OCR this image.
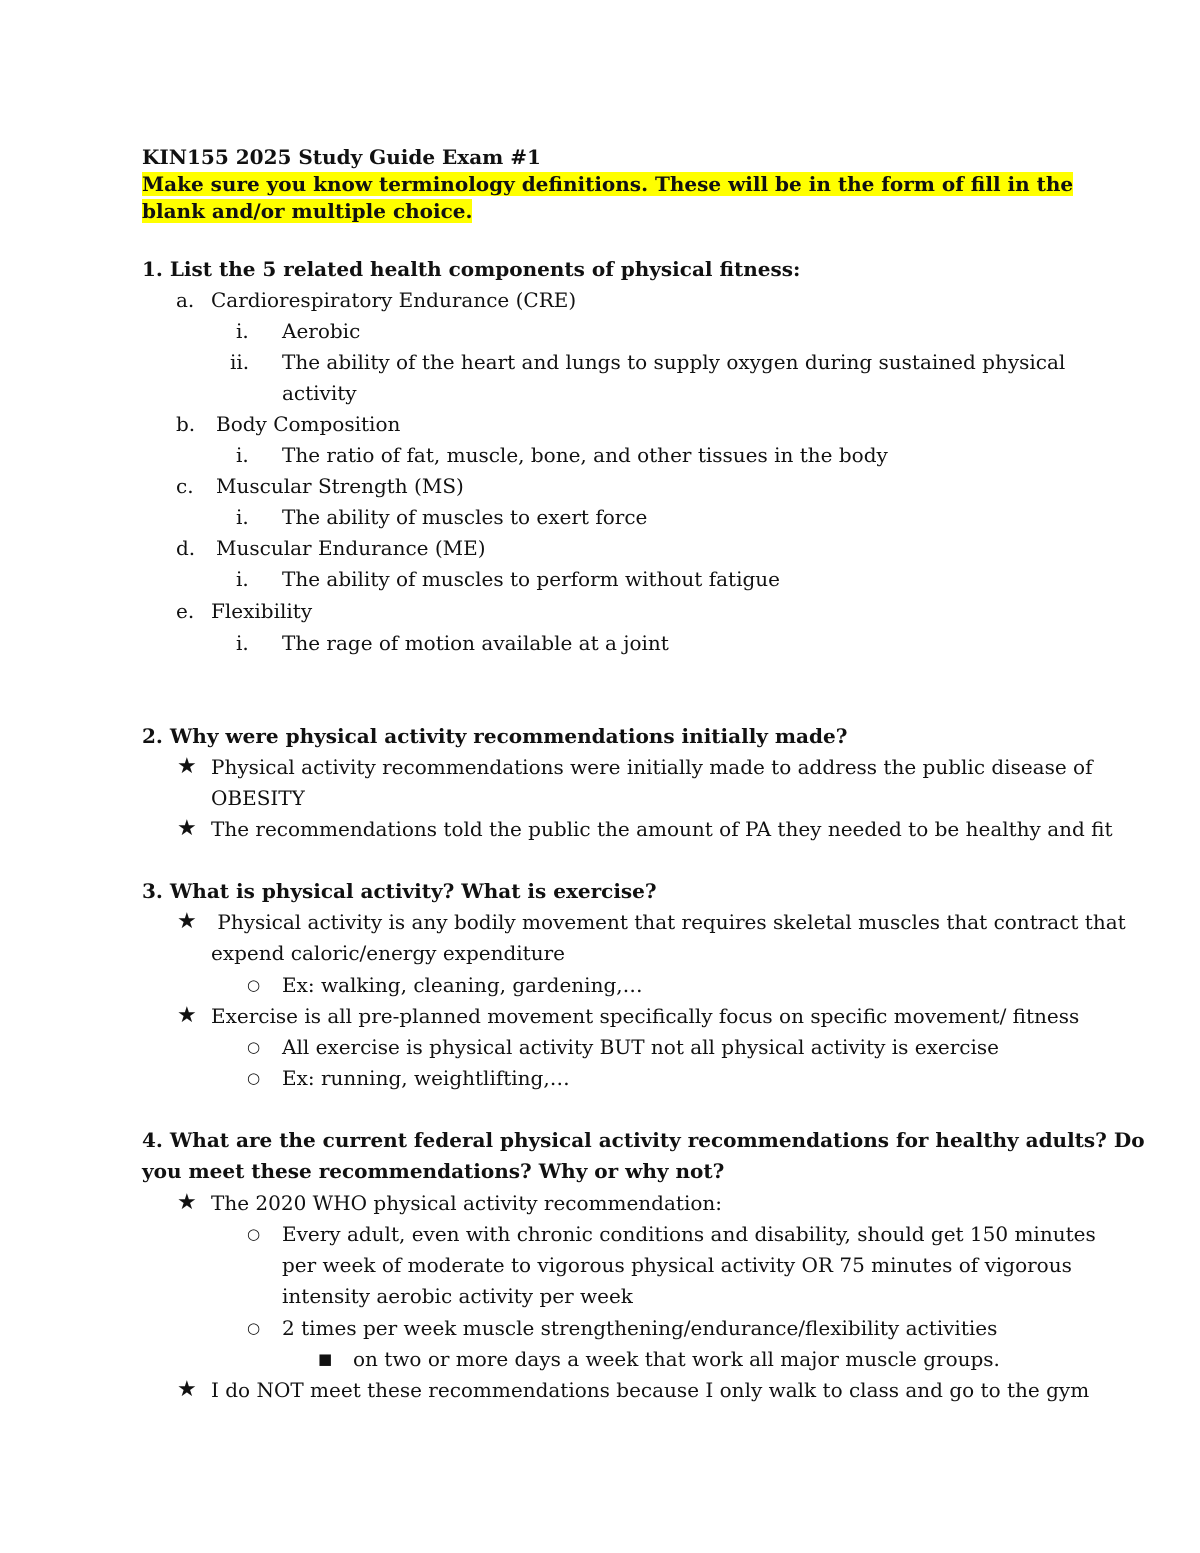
KIN155 2025 Study Guide Exam #1
Make sure you know terminology definitions. These will be in the form of fill in the
blank and/or multiple choice.
1. List the 5 related health components of physical fitness:
a. Cardiorespiratory Endurance (CRE)
i. Aerobic
ii. The ability of the heart and lungs to supply oxygen during sustained physical
activity
b. Body Composition
i. The ratio of fat, muscle, bone, and other tissues in the body
c. Muscular Strength (MS)
i. The ability of muscles to exert force
d. Muscular Endurance (ME)
i. The ability of muscles to perform without fatigue
e. Flexibility
i. The rage of motion available at a joint
2. Why were physical activity recommendations initially made?
★ Physical activity recommendations were initially made to address the public disease of
OBESITY
★ The recommendations told the public the amount of PA they needed to be healthy and fit
3. What is physical activity? What is exercise?
★ Physical activity is any bodily movement that requires skeletal muscles that contract that
expend caloric/energy expenditure
○ Ex: walking, cleaning, gardening,…
★ Exercise is all pre-planned movement specifically focus on specific movement/ fitness
○ All exercise is physical activity BUT not all physical activity is exercise
○ Ex: running, weightlifting,…
4. What are the current federal physical activity recommendations for healthy adults? Do
you meet these recommendations? Why or why not?
★ The 2020 WHO physical activity recommendation:
○ Every adult, even with chronic conditions and disability, should get 150 minutes
per week of moderate to vigorous physical activity OR 75 minutes of vigorous
intensity aerobic activity per week
○ 2 times per week muscle strengthening/endurance/flexibility activities
■ on two or more days a week that work all major muscle groups.
★ I do NOT meet these recommendations because I only walk to class and go to the gym
